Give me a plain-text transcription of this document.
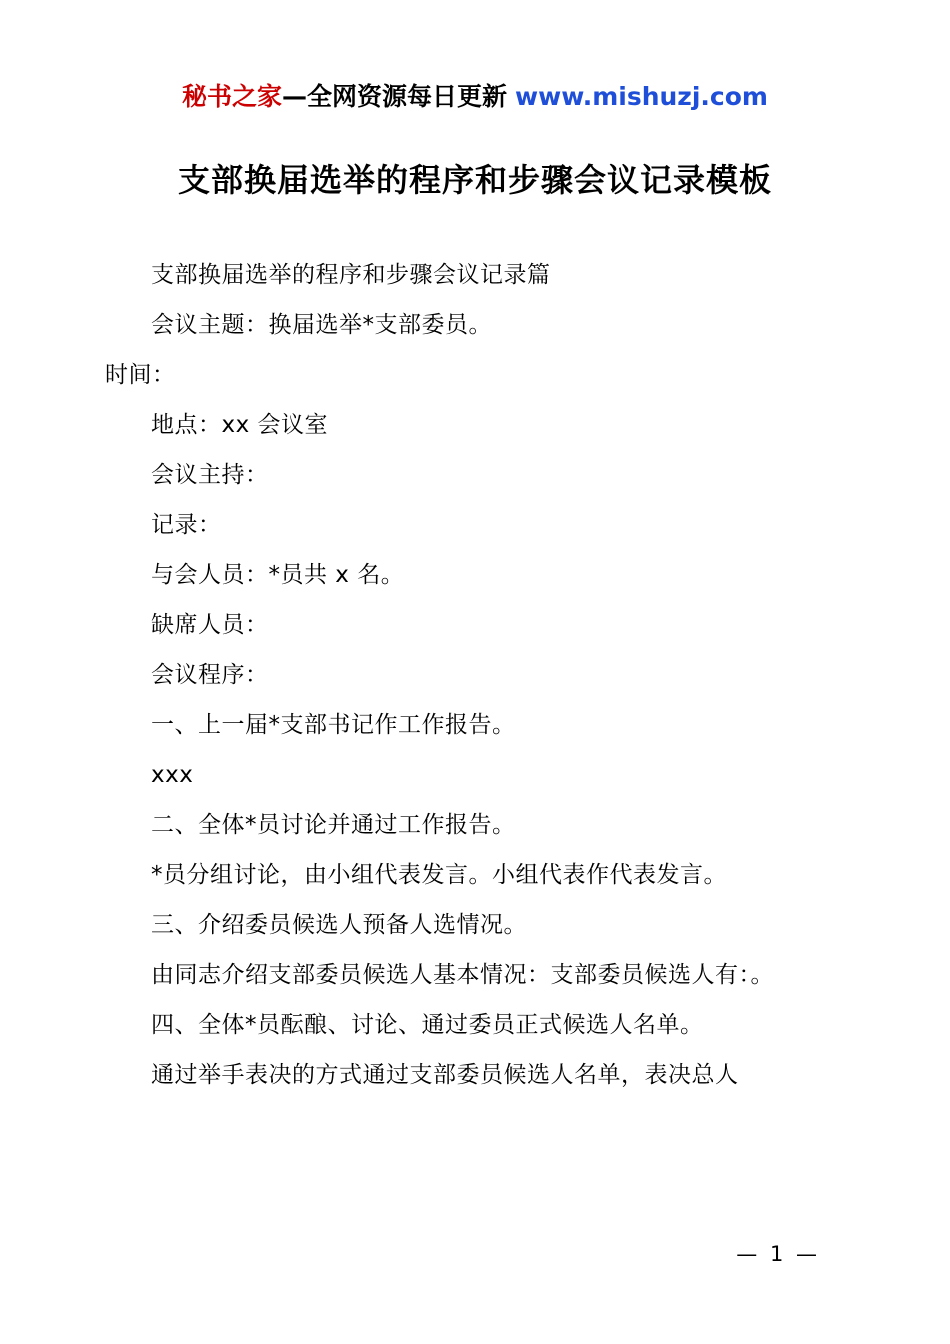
秘书之家—全网资源每日更新 www.mishuzj.com
支部换届选举的程序和步骤会议记录模板

支部换届选举的程序和步骤会议记录篇

会议主题：换届选举*支部委员。

时间：

地点：xx 会议室

会议主持：

记录：

与会人员：*员共 x 名。

缺席人员：

会议程序：

一、上一届*支部书记作工作报告。

xxx

二、全体*员讨论并通过工作报告。

*员分组讨论，由小组代表发言。小组代表作代表发言。

三、介绍委员候选人预备人选情况。

由同志介绍支部委员候选人基本情况：支部委员候选人有：。

四、全体*员酝酿、讨论、通过委员正式候选人名单。

通过举手表决的方式通过支部委员候选人名单，表决总人

— 1 —
